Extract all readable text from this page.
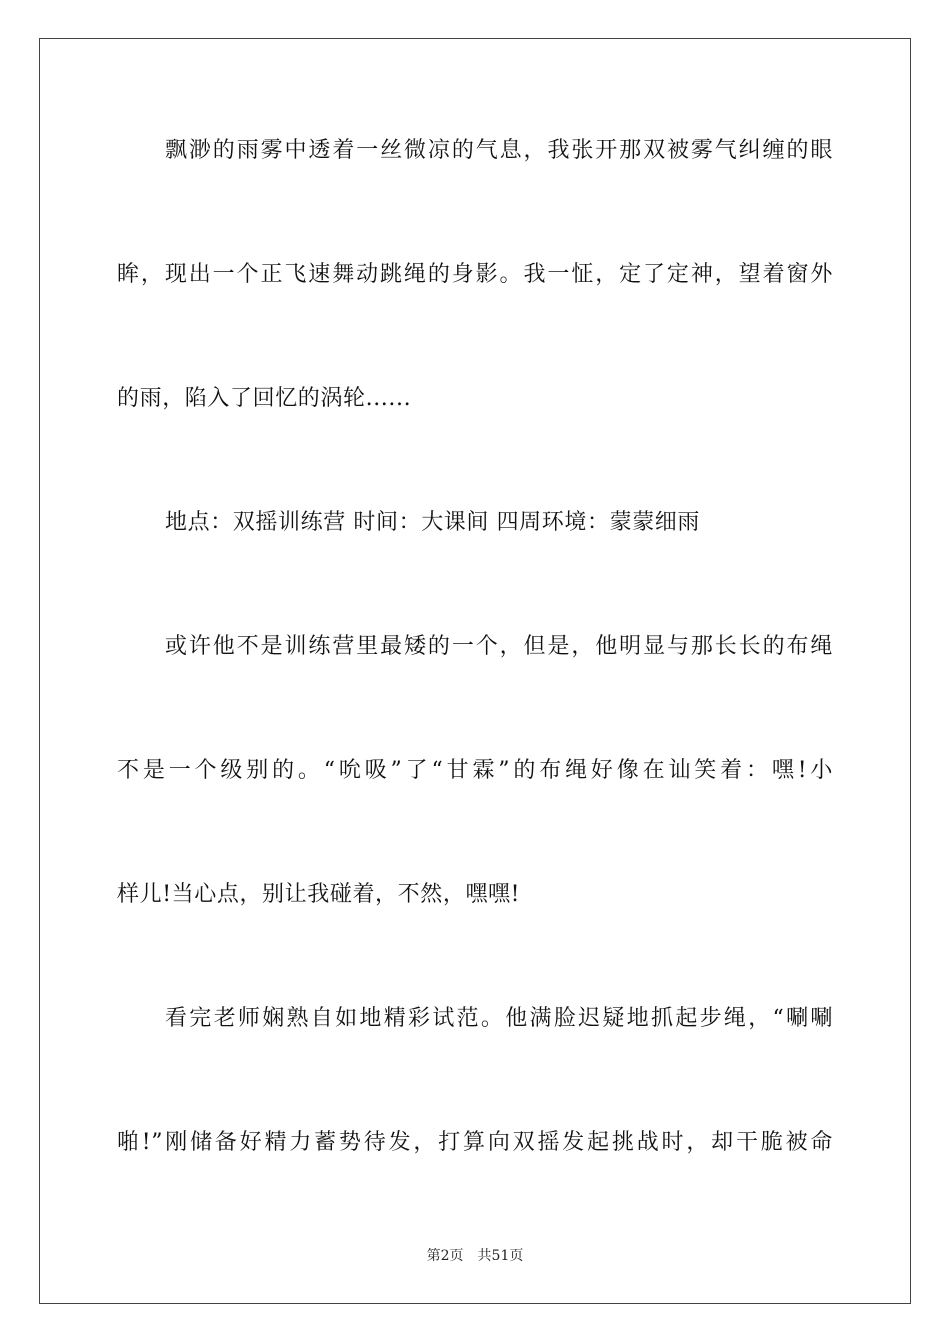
飘渺的雨雾中透着一丝微凉的气息，我张开那双被雾气纠缠的眼
眸，现出一个正飞速舞动跳绳的身影。我一怔，定了定神，望着窗外
的雨，陷入了回忆的涡轮......
地点：双摇训练营 时间：大课间 四周环境：蒙蒙细雨
或许他不是训练营里最矮的一个，但是，他明显与那长长的布绳
不是一个级别的。“吮吸”了“甘霖”的布绳好像在讪笑着：嘿!小
样儿!当心点，别让我碰着，不然，嘿嘿!
看完老师娴熟自如地精彩试范。他满脸迟疑地抓起步绳，“唰唰
啪!”刚储备好精力蓄势待发，打算向双摇发起挑战时，却干脆被命
第2页 共51页
